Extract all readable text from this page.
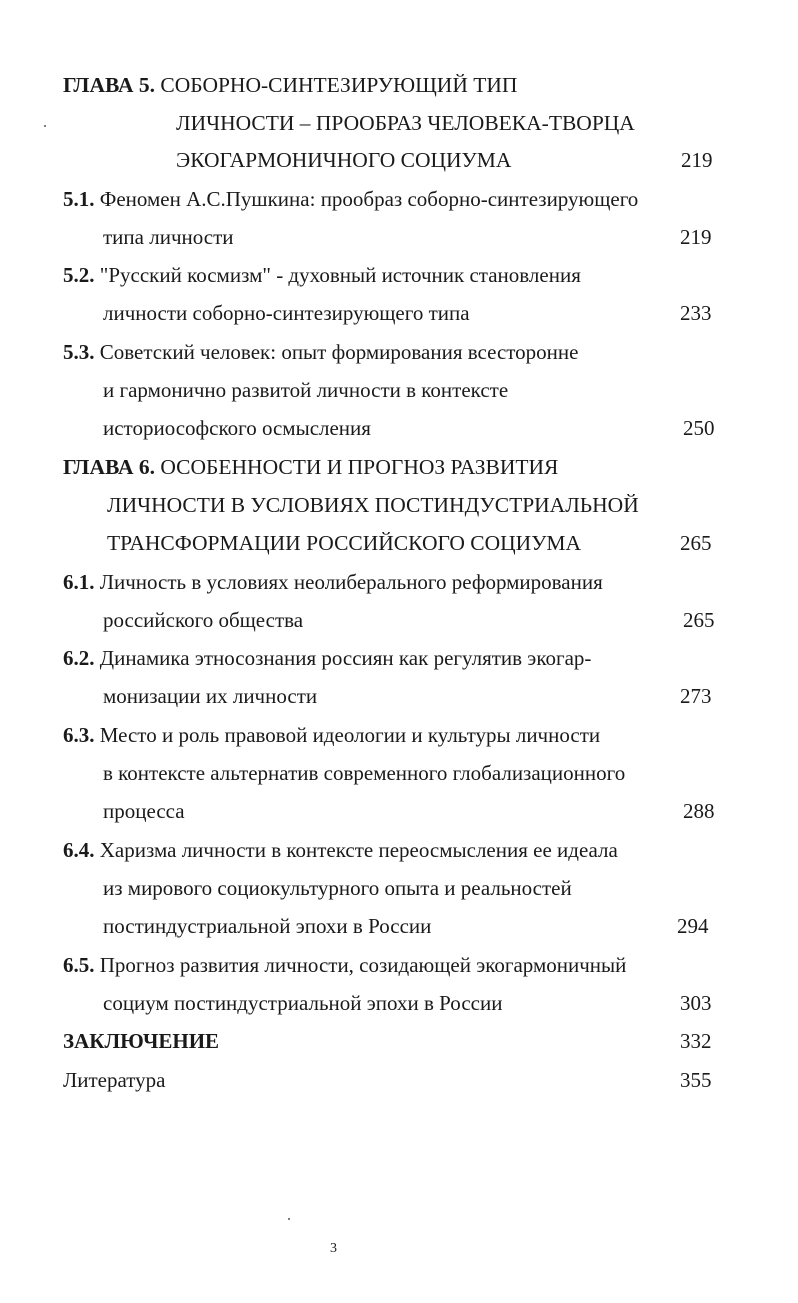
ГЛАВА 5. СОБОРНО-СИНТЕЗИРУЮЩИЙ ТИП
ЛИЧНОСТИ – ПРООБРАЗ ЧЕЛОВЕКА-ТВОРЦА
ЭКОГАРМОНИЧНОГО СОЦИУМА	219
5.1. Феномен А.С.Пушкина: прообраз соборно-синтезирующего
типа личности	219
5.2. "Русский космизм" - духовный источник становления
личности соборно-синтезирующего типа	233
5.3. Советский человек: опыт формирования всесторонне
и гармонично развитой личности в контексте
историософского осмысления	250
ГЛАВА 6. ОСОБЕННОСТИ И ПРОГНОЗ РАЗВИТИЯ
ЛИЧНОСТИ В УСЛОВИЯХ ПОСТИНДУСТРИАЛЬНОЙ
ТРАНСФОРМАЦИИ РОССИЙСКОГО СОЦИУМА	265
6.1. Личность в условиях неолиберального реформирования
российского общества	265
6.2. Динамика этносознания россиян как регулятив экогар-
монизации их личности	273
6.3. Место и роль правовой идеологии и культуры личности
в контексте альтернатив современного глобализационного
процесса	288
6.4. Харизма личности в контексте переосмысления ее идеала
из мирового социокультурного опыта и реальностей
постиндустриальной эпохи в России	294
6.5. Прогноз развития личности, созидающей экогармоничный
социум постиндустриальной эпохи в России	303
ЗАКЛЮЧЕНИЕ	332
Литература	355
3
